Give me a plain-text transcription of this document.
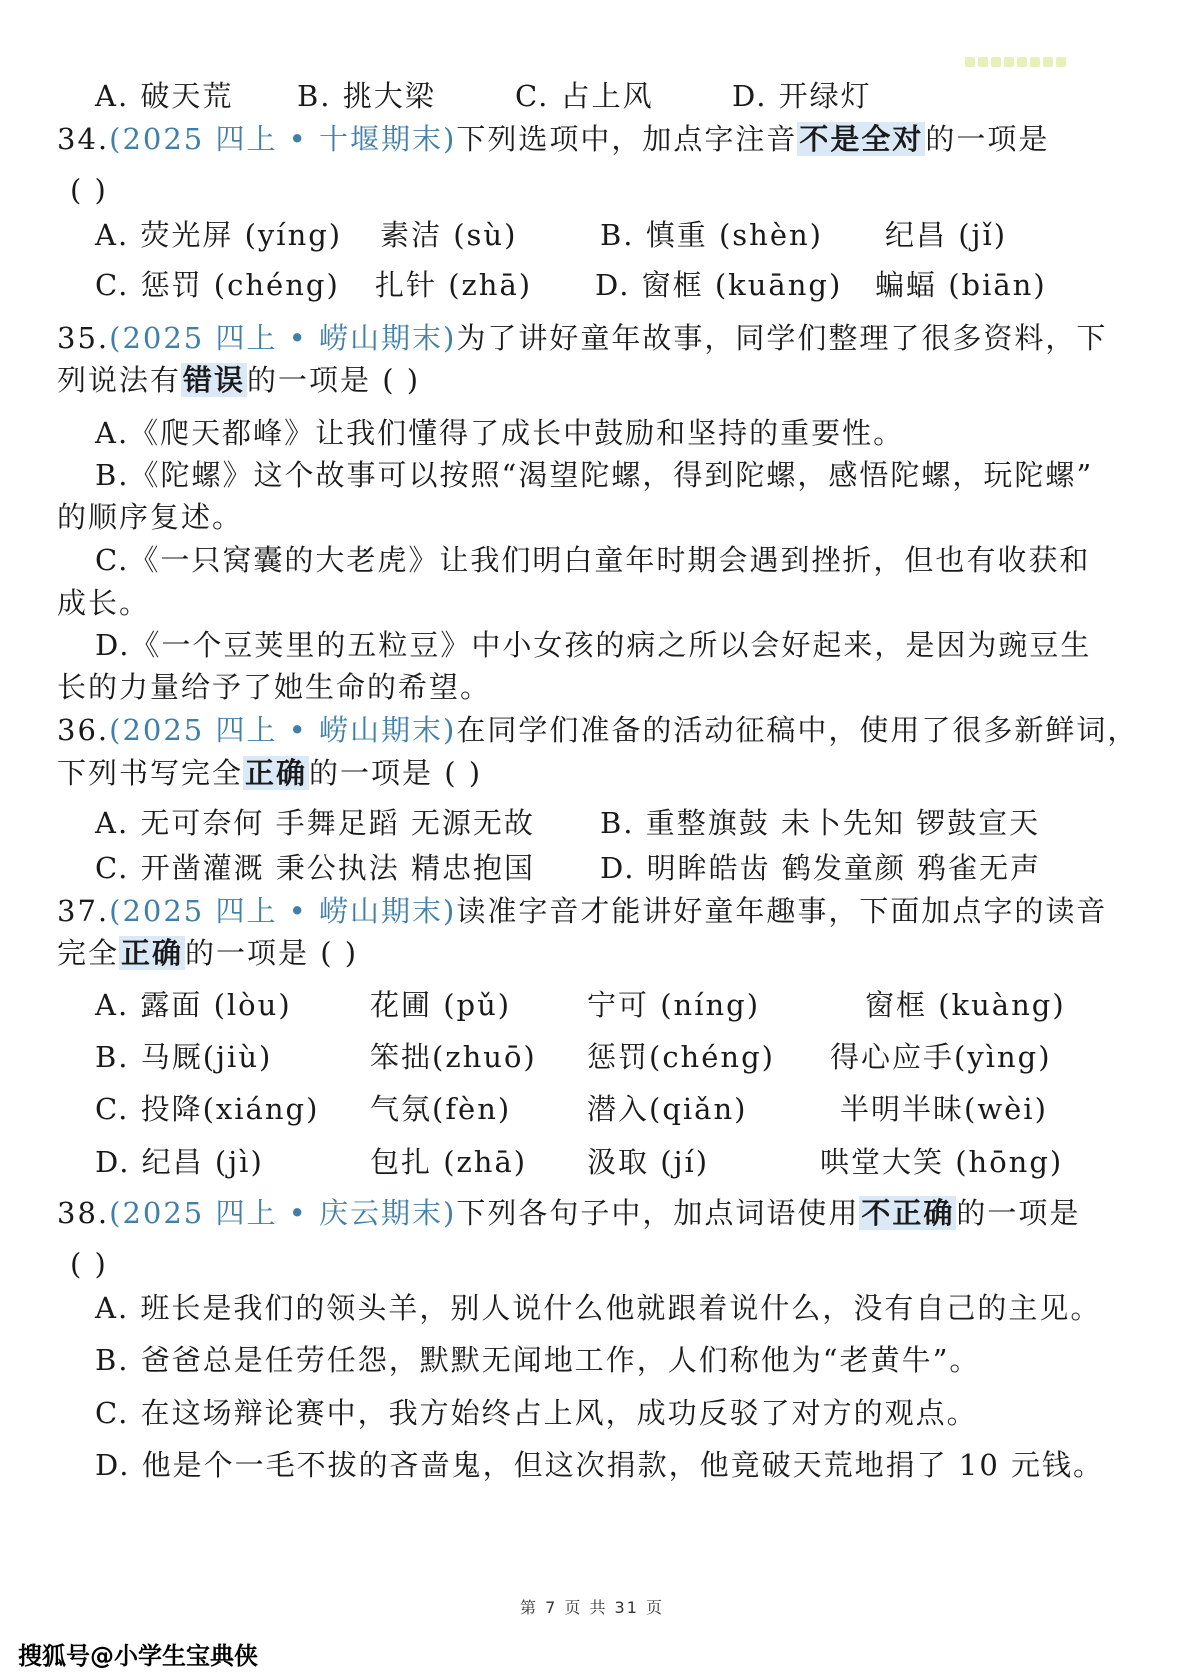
A. 破天荒 B. 挑大梁	C. 占上风	D. 开绿灯
34.(2025 四上 • 十堰期末)下列选项中，加点字注音不是全对的一项是
( )
A. 荧光屏 (yíng) 素洁 (sù)	B. 慎重 (shèn) 纪昌 (jǐ)
C. 惩罚 (chéng) 扎针 (zhā) D. 窗框 (kuāng) 蝙蝠 (biān)
35.(2025 四上 • 崂山期末)为了讲好童年故事，同学们整理了很多资料，下
列说法有错误的一项是 ( )
A.《爬天都峰》让我们懂得了成长中鼓励和坚持的重要性。
B.《陀螺》这个故事可以按照“渴望陀螺，得到陀螺，感悟陀螺，玩陀螺”
的顺序复述。
C.《一只窝囊的大老虎》让我们明白童年时期会遇到挫折，但也有收获和
成长。
D.《一个豆荚里的五粒豆》中小女孩的病之所以会好起来，是因为豌豆生
长的力量给予了她生命的希望。
36.(2025 四上 • 崂山期末)在同学们准备的活动征稿中，使用了很多新鲜词，
下列书写完全正确的一项是 ( )
A. 无可奈何 手舞足蹈 无源无故 B. 重整旗鼓 未卜先知 锣鼓宣天
C. 开凿灌溉 秉公执法 精忠抱国 D. 明眸皓齿 鹤发童颜 鸦雀无声
37.(2025 四上 • 崂山期末)读准字音才能讲好童年趣事，下面加点字的读音
完全正确的一项是 ( )
A. 露面 (lòu)	花圃 (pǔ)	宁可 (níng)	窗框 (kuàng)
B. 马厩(jiù)	笨拙(zhuō) 惩罚(chéng) 得心应手(yìng)
C. 投降(xiáng) 气氛(fèn)	潜入(qiǎn)	半明半昧(wèi)
D. 纪昌 (jì)	包扎 (zhā) 汲取 (jí)	哄堂大笑 (hōng)
38.(2025 四上 • 庆云期末)下列各句子中，加点词语使用不正确的一项是
( )
A. 班长是我们的领头羊，别人说什么他就跟着说什么，没有自己的主见。
B. 爸爸总是任劳任怨，默默无闻地工作，人们称他为“老黄牛”。
C. 在这场辩论赛中，我方始终占上风，成功反驳了对方的观点。
D. 他是个一毛不拔的吝啬鬼，但这次捐款，他竟破天荒地捐了 10 元钱。
第 7 页 共 31 页
搜狐号@小学生宝典侠
